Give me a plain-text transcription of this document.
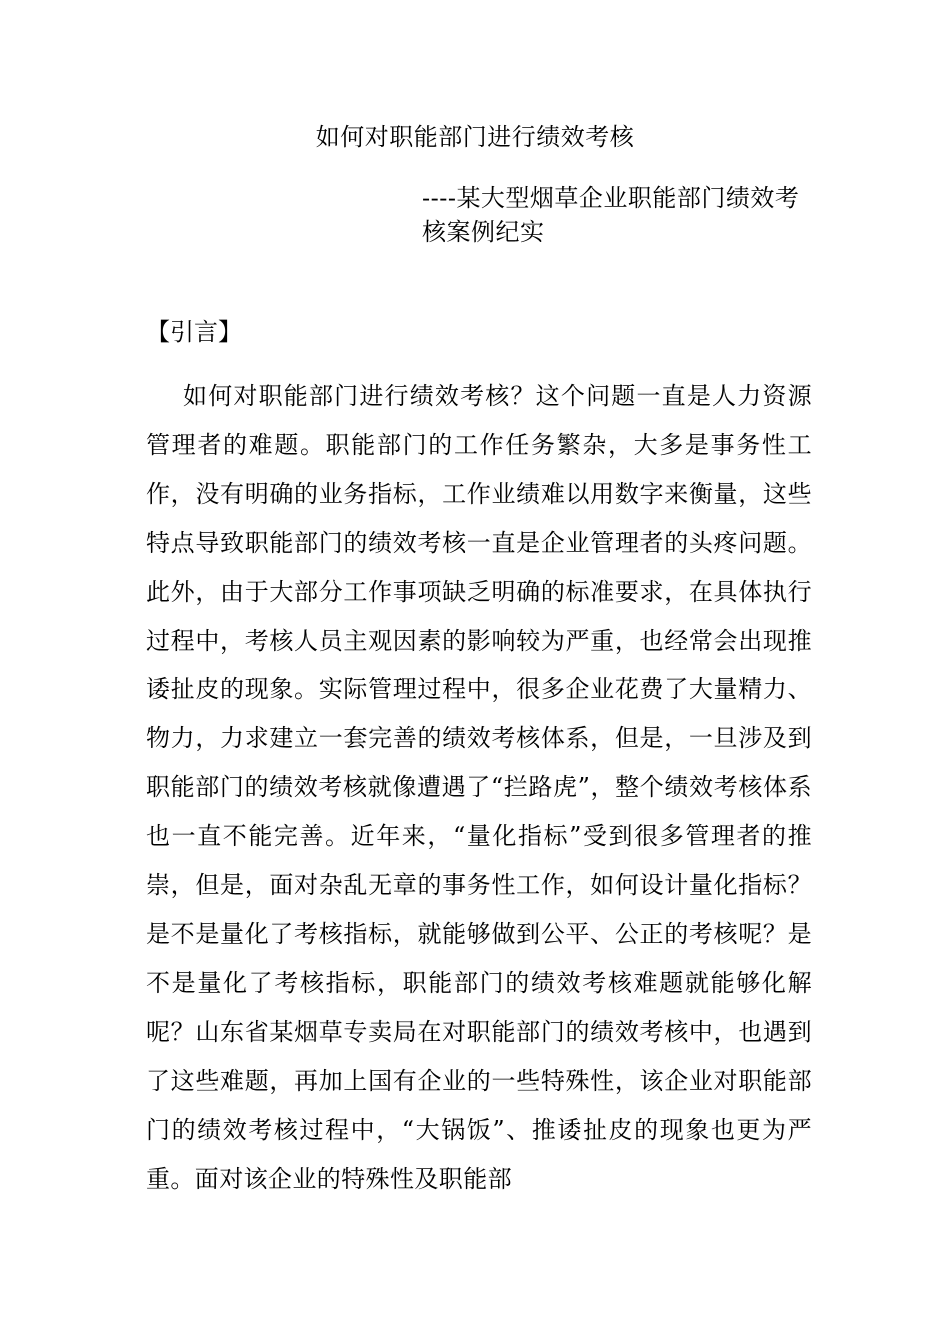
如何对职能部门进行绩效考核

----某大型烟草企业职能部门绩效考核案例纪实

【引言】

如何对职能部门进行绩效考核？这个问题一直是人力资源管理者的难题。职能部门的工作任务繁杂，大多是事务性工作，没有明确的业务指标，工作业绩难以用数字来衡量，这些特点导致职能部门的绩效考核一直是企业管理者的头疼问题。此外，由于大部分工作事项缺乏明确的标准要求，在具体执行过程中，考核人员主观因素的影响较为严重，也经常会出现推诿扯皮的现象。实际管理过程中，很多企业花费了大量精力、物力，力求建立一套完善的绩效考核体系，但是，一旦涉及到职能部门的绩效考核就像遭遇了“拦路虎”，整个绩效考核体系也一直不能完善。近年来，“量化指标”受到很多管理者的推崇，但是，面对杂乱无章的事务性工作，如何设计量化指标？是不是量化了考核指标，就能够做到公平、公正的考核呢？是不是量化了考核指标，职能部门的绩效考核难题就能够化解呢？山东省某烟草专卖局在对职能部门的绩效考核中，也遇到了这些难题，再加上国有企业的一些特殊性，该企业对职能部门的绩效考核过程中，“大锅饭”、推诿扯皮的现象也更为严重。面对该企业的特殊性及职能部
